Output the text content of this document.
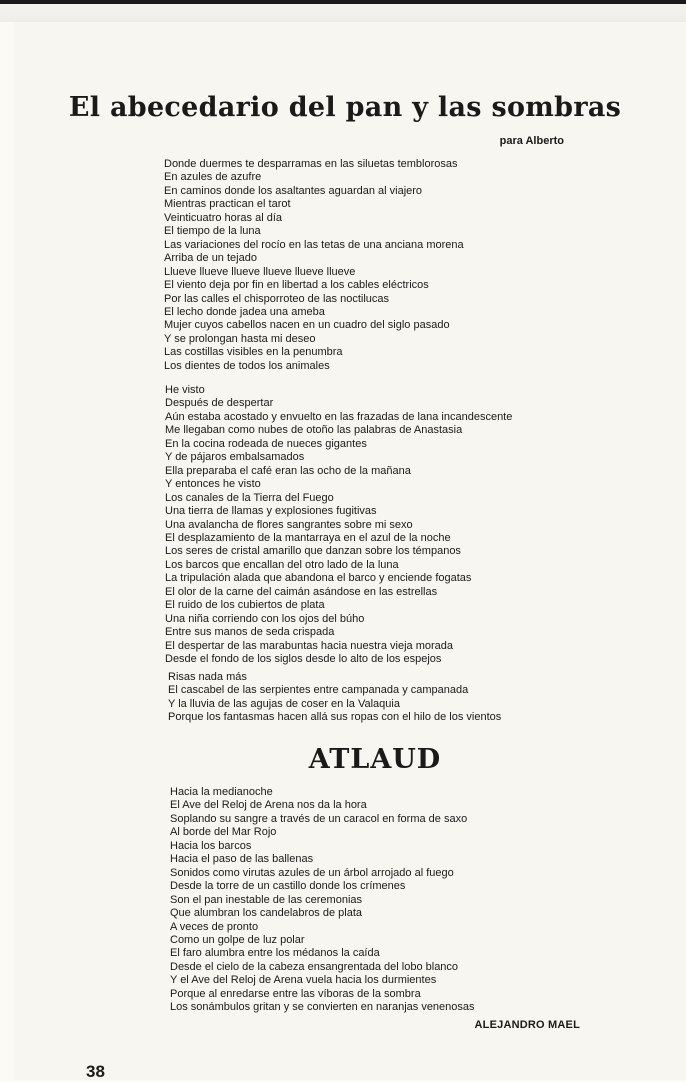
El abecedario del pan y las sombras
para Alberto
Donde duermes te desparramas en las siluetas temblorosas
En azules de azufre
En caminos donde los asaltantes aguardan al viajero
Mientras practican el tarot
Veinticuatro horas al día
El tiempo de la luna
Las variaciones del rocío en las tetas de una anciana morena
Arriba de un tejado
Llueve llueve llueve llueve llueve llueve
El viento deja por fin en libertad a los cables eléctricos
Por las calles el chisporroteo de las noctilucas
El lecho donde jadea una ameba
Mujer cuyos cabellos nacen en un cuadro del siglo pasado
Y se prolongan hasta mi deseo
Las costillas visibles en la penumbra
Los dientes de todos los animales
He visto
Después de despertar
Aún estaba acostado y envuelto en las frazadas de lana incandescente
Me llegaban como nubes de otoño las palabras de Anastasia
En la cocina rodeada de nueces gigantes
Y de pájaros embalsamados
Ella preparaba el café eran las ocho de la mañana
Y entonces he visto
Los canales de la Tierra del Fuego
Una tierra de llamas y explosiones fugitivas
Una avalancha de flores sangrantes sobre mi sexo
El desplazamiento de la mantarraya en el azul de la noche
Los seres de cristal amarillo que danzan sobre los témpanos
Los barcos que encallan del otro lado de la luna
La tripulación alada que abandona el barco y enciende fogatas
El olor de la carne del caimán asándose en las estrellas
El ruido de los cubiertos de plata
Una niña corriendo con los ojos del búho
Entre sus manos de seda crispada
El despertar de las marabuntas hacia nuestra vieja morada
Desde el fondo de los siglos desde lo alto de los espejos
Risas nada más
El cascabel de las serpientes entre campanada y campanada
Y la lluvia de las agujas de coser en la Valaquia
Porque los fantasmas hacen allá sus ropas con el hilo de los vientos
ATLAUD
Hacia la medianoche
El Ave del Reloj de Arena nos da la hora
Soplando su sangre a través de un caracol en forma de saxo
Al borde del Mar Rojo
Hacia los barcos
Hacia el paso de las ballenas
Sonidos como virutas azules de un árbol arrojado al fuego
Desde la torre de un castillo donde los crímenes
Son el pan inestable de las ceremonias
Que alumbran los candelabros de plata
A veces de pronto
Como un golpe de luz polar
El faro alumbra entre los médanos la caída
Desde el cielo de la cabeza ensangrentada del lobo blanco
Y el Ave del Reloj de Arena vuela hacia los durmientes
Porque al enredarse entre las víboras de la sombra
Los sonámbulos gritan y se convierten en naranjas venenosas
ALEJANDRO MAEL
38
